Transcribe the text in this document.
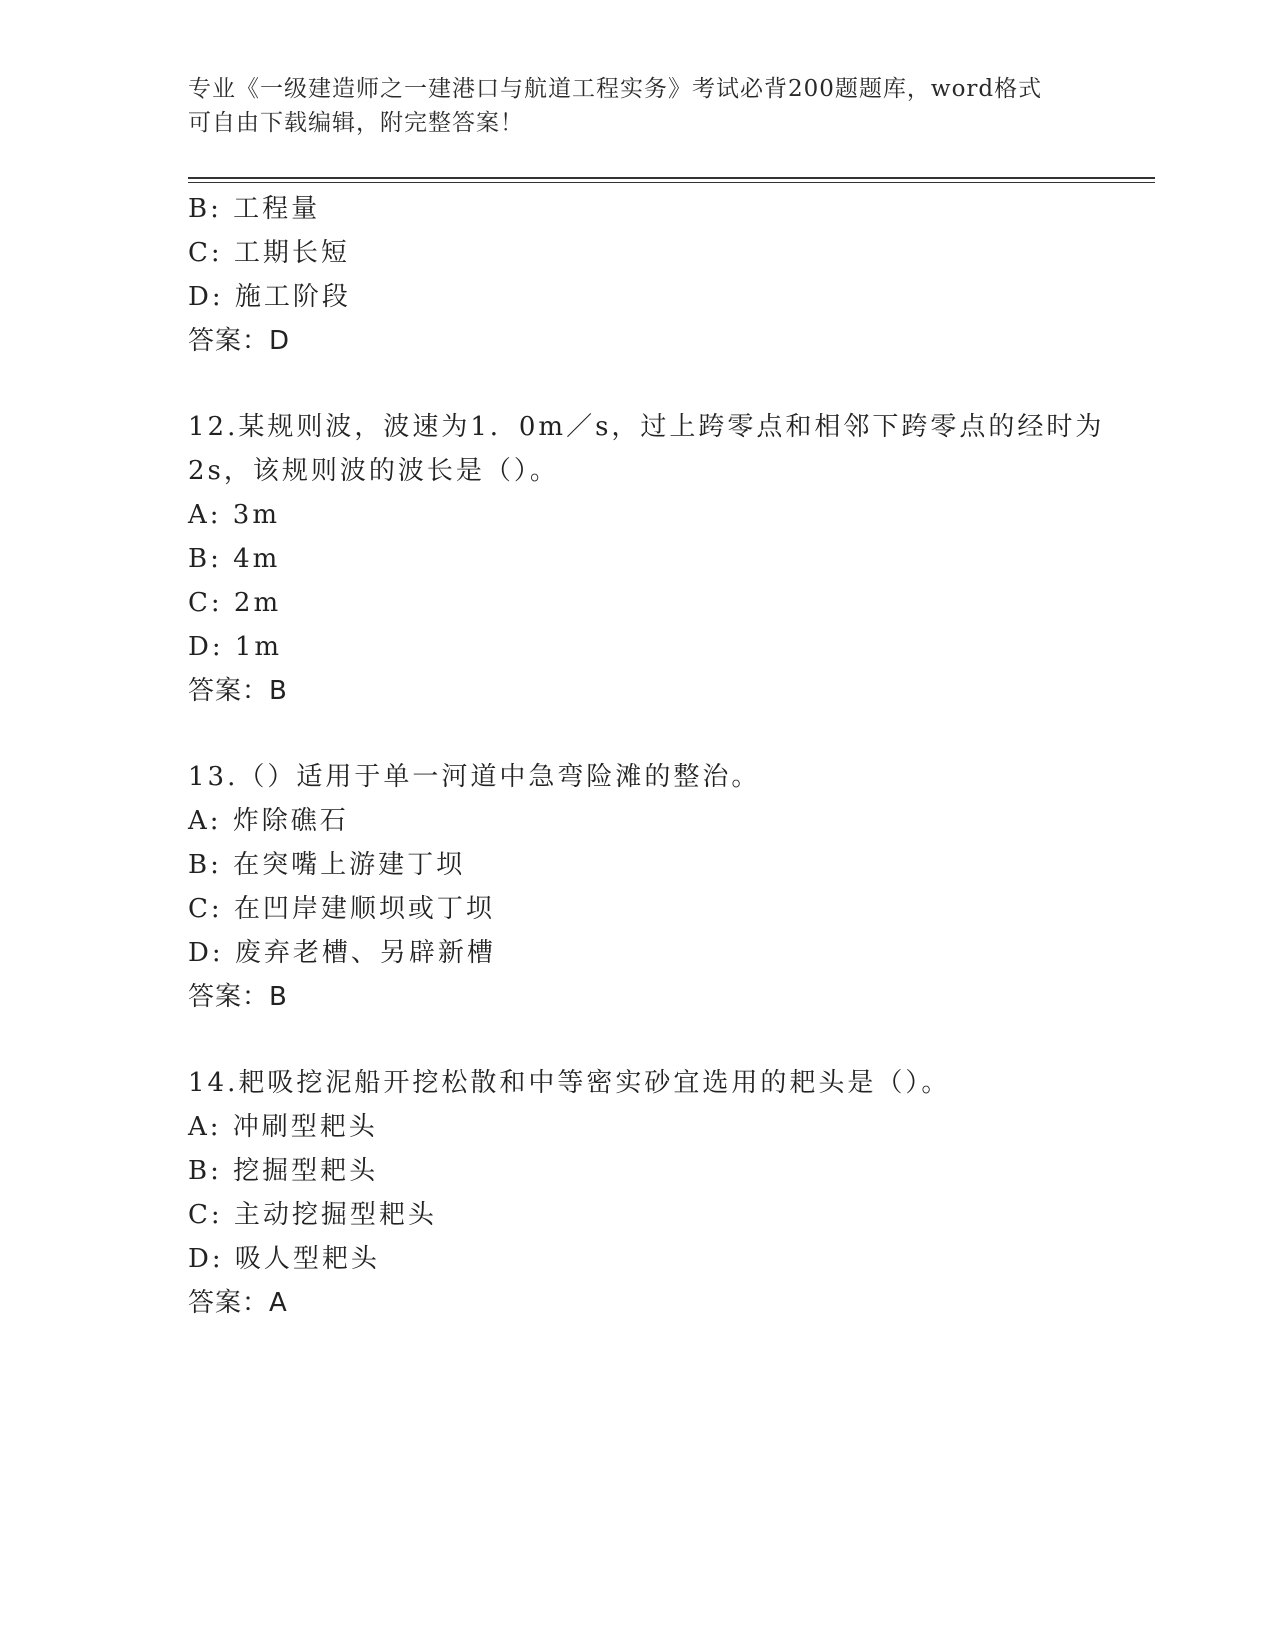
专业《一级建造师之一建港口与航道工程实务》考试必背200题题库，word格式
可自由下载编辑，附完整答案！
B: 工程量
C: 工期长短
D: 施工阶段
答案：D
12.某规则波，波速为1．0m／s，过上跨零点和相邻下跨零点的经时为
2s，该规则波的波长是（）。
A: 3m
B: 4m
C: 2m
D: 1m
答案：B
13.（）适用于单一河道中急弯险滩的整治。
A: 炸除礁石
B: 在突嘴上游建丁坝
C: 在凹岸建顺坝或丁坝
D: 废弃老槽、另辟新槽
答案：B
14.耙吸挖泥船开挖松散和中等密实砂宜选用的耙头是（）。
A: 冲刷型耙头
B: 挖掘型耙头
C: 主动挖掘型耙头
D: 吸人型耙头
答案：A
